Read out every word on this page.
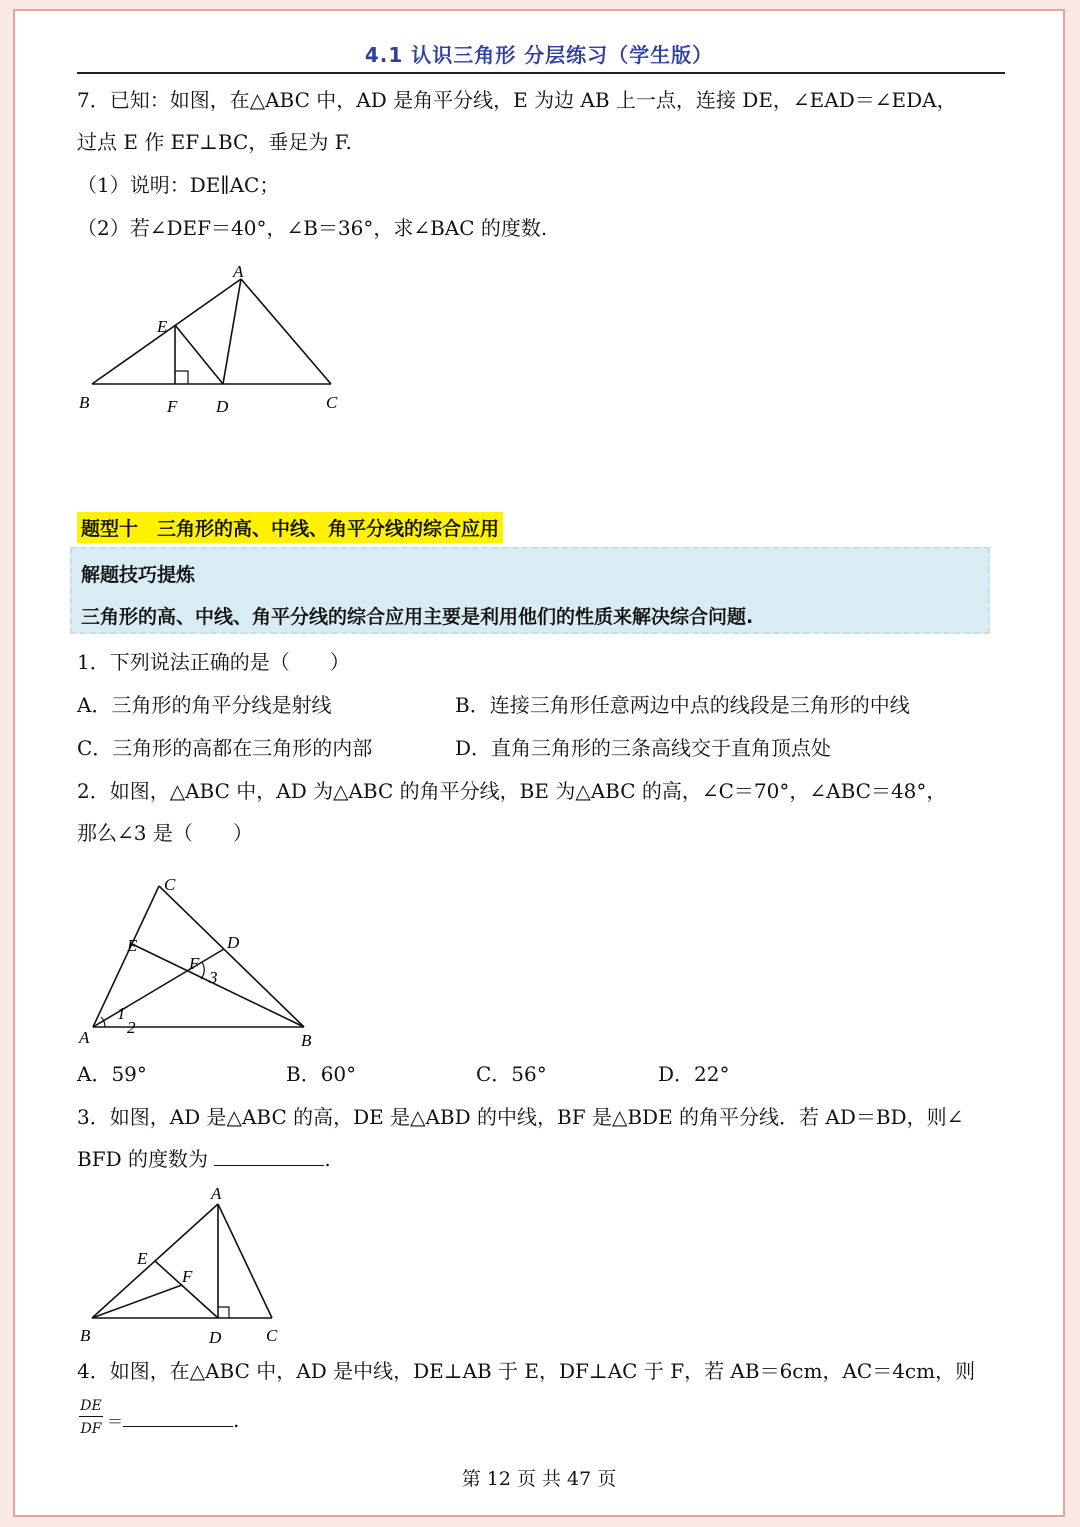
4.1 认识三角形 分层练习（学生版）
7．已知：如图，在△ABC 中，AD 是角平分线，E 为边 AB 上一点，连接 DE，∠EAD＝∠EDA，
过点 E 作 EF⊥BC，垂足为 F.
（1）说明：DE∥AC；
（2）若∠DEF＝40°，∠B＝36°，求∠BAC 的度数.
A
E
B	F D	C
题型十　三角形的高、中线、角平分线的综合应用
解题技巧提炼
三角形的高、中线、角平分线的综合应用主要是利用他们的性质来解决综合问题.
1．下列说法正确的是（　　）
A．三角形的角平分线是射线	B．连接三角形任意两边中点的线段是三角形的中线
C．三角形的高都在三角形的内部	D．直角三角形的三条高线交于直角顶点处
2．如图，△ABC 中，AD 为△ABC 的角平分线，BE 为△ABC 的高，∠C＝70°，∠ABC＝48°，
那么∠3 是（　　）
C
D
E
F
3
1
2
A	B
A．59°	B．60°	C．56°	D．22°
3．如图，AD 是△ABC 的高，DE 是△ABD 的中线，BF 是△BDE 的角平分线．若 AD＝BD，则∠
BFD 的度数为	.
A
E
F
B	D	C
4．如图，在△ABC 中，AD 是中线，DE⊥AB 于 E，DF⊥AC 于 F，若 AB＝6cm，AC＝4cm，则
$\frac{DE}{DF}$ ＝	.
第 12 页 共 47 页
